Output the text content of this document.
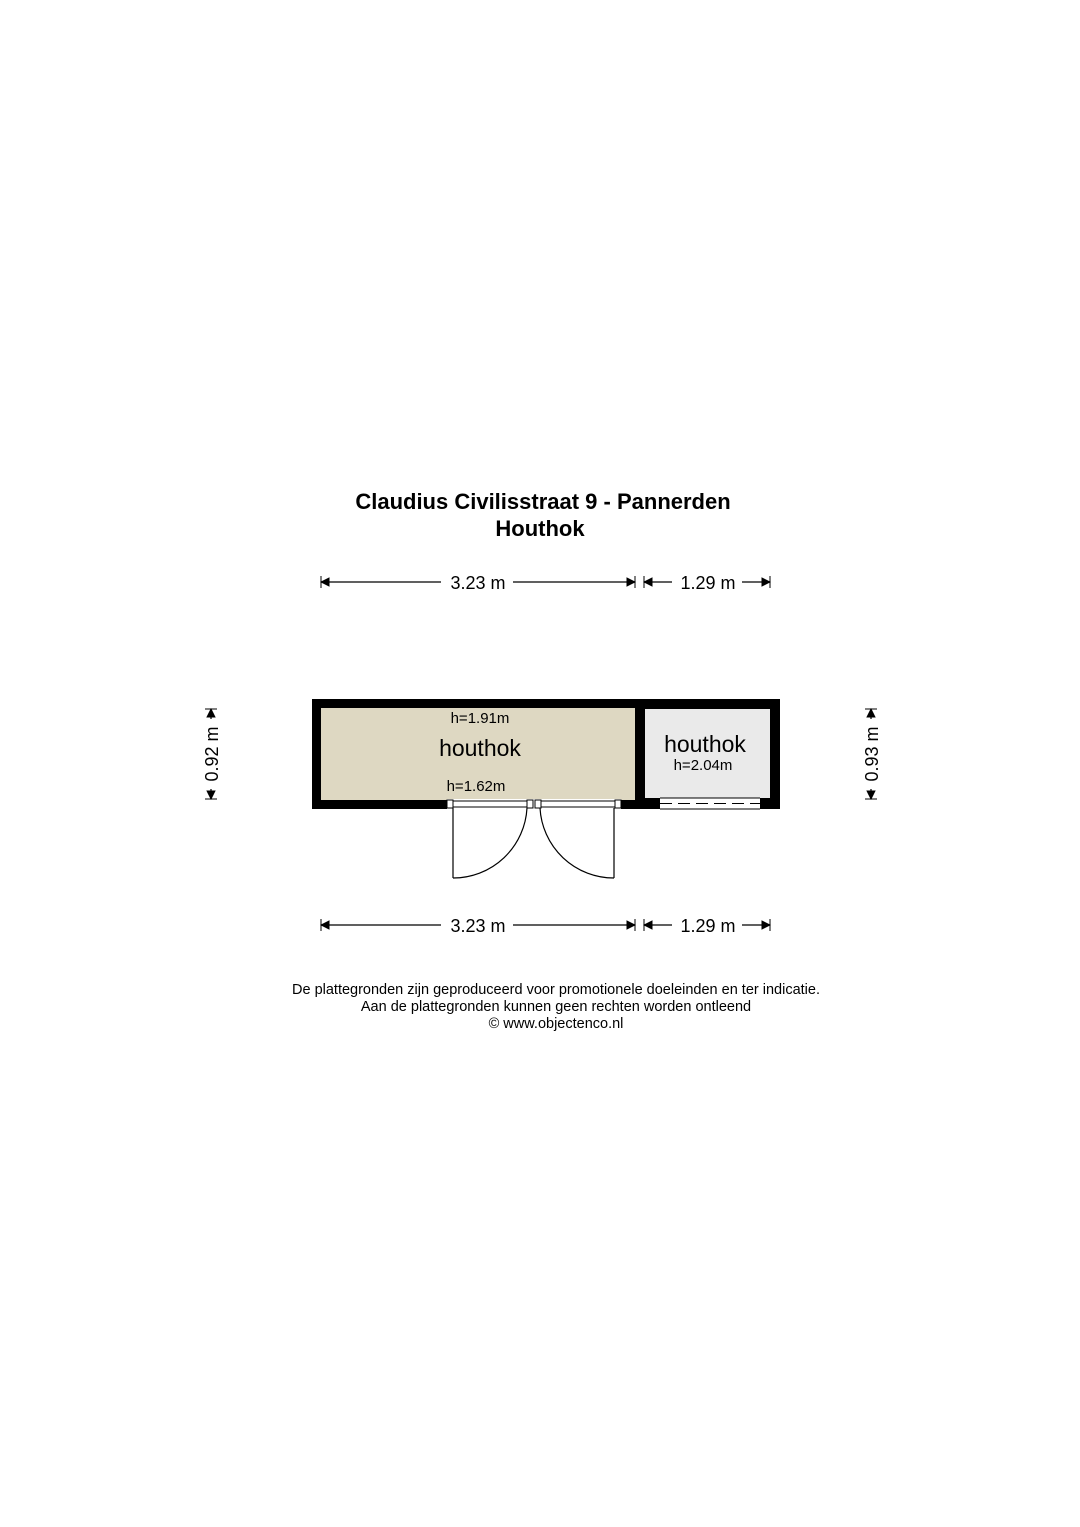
Claudius Civilisstraat 9 - Pannerden
Houthok
3.23 m	1.29 m
3.23 m	1.29 m
0.92 m	0.93 m
h=1.91m
houthok
h=1.62m
houthok
h=2.04m
De plattegronden zijn geproduceerd voor promotionele doeleinden en ter indicatie.
Aan de plattegronden kunnen geen rechten worden ontleend
© www.objectenco.nl
